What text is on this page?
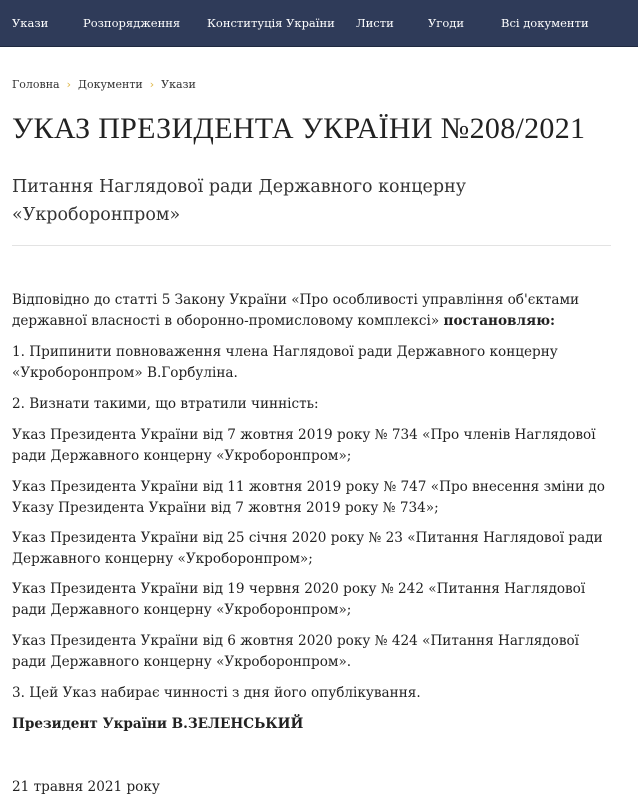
Укази	Розпорядження Конституція України Листи	Угоди	Всі документи
Головна › Документи › Укази
УКАЗ ПРЕЗИДЕНТА УКРАЇНИ №208/2021

Питання Наглядової ради Державного концерну «Укроборонпром»

Відповідно до статті 5 Закону України «Про особливості управління об'єктами державної власності в оборонно-промисловому комплексі» постановляю:

1. Припинити повноваження члена Наглядової ради Державного концерну «Укроборонпром» В.Горбуліна.

2. Визнати такими, що втратили чинність:

Указ Президента України від 7 жовтня 2019 року № 734 «Про членів Наглядової ради Державного концерну «Укроборонпром»;

Указ Президента України від 11 жовтня 2019 року № 747 «Про внесення зміни до Указу Президента України від 7 жовтня 2019 року № 734»;

Указ Президента України від 25 січня 2020 року № 23 «Питання Наглядової ради Державного концерну «Укроборонпром»;

Указ Президента України від 19 червня 2020 року № 242 «Питання Наглядової ради Державного концерну «Укроборонпром»;

Указ Президента України від 6 жовтня 2020 року № 424 «Питання Наглядової ради Державного концерну «Укроборонпром».

3. Цей Указ набирає чинності з дня його опублікування.

Президент України В.ЗЕЛЕНСЬКИЙ

21 травня 2021 року
